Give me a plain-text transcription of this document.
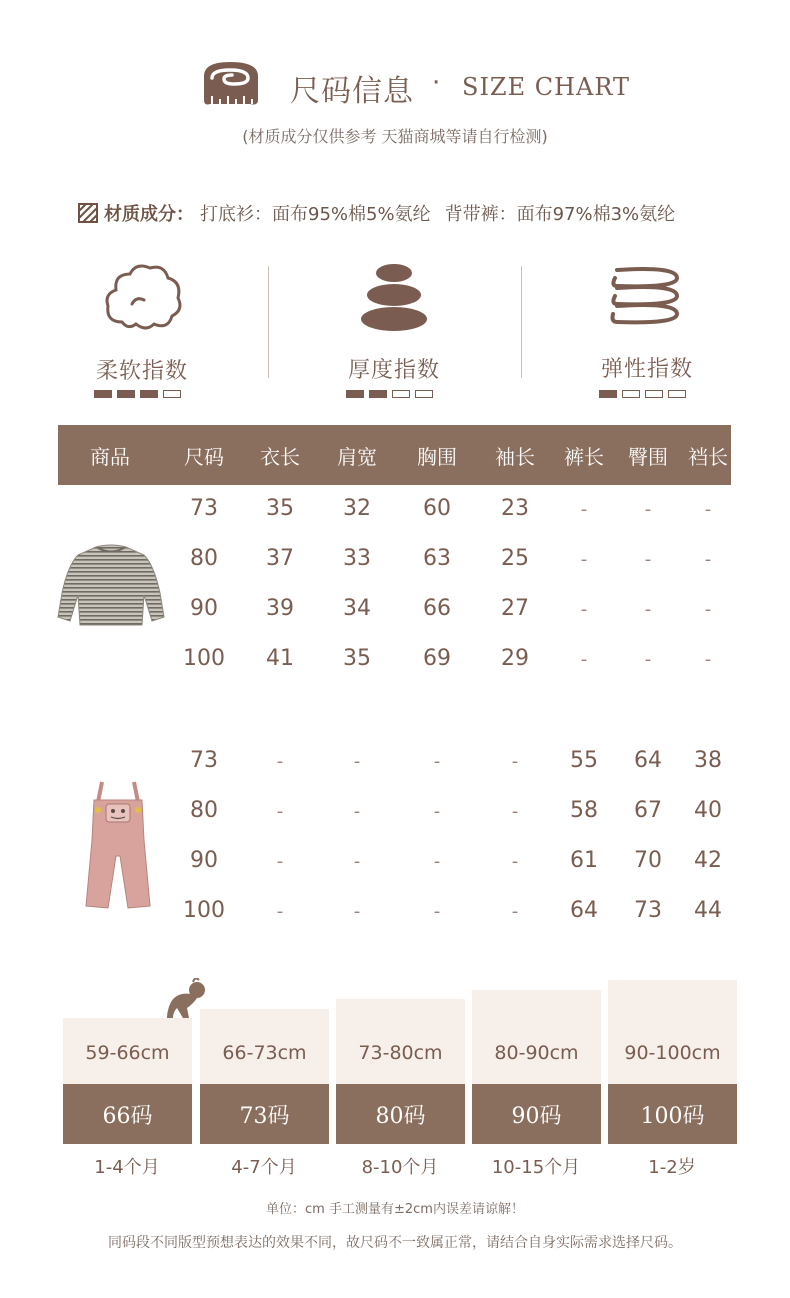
尺码信息 · SIZE CHART
(材质成分仅供参考 天猫商城等请自行检测)
材质成分： 打底衫：面布95%棉5%氨纶 背带裤：面布97%棉3%氨纶
柔软指数	厚度指数	弹性指数
商品	尺码 衣长 肩宽 胸围 袖长 裤长 臀围 裆长
73 35 32 60 23	-	-	-
80 37 33 63 25	-	-	-
90 39 34 66 27	-	-	-
100 41 35 69 29	-	-	-
73	-	-	-	- 55 64 38
80	-	-	-	- 58 67 40
90	-	-	-	- 61 70 42
100	-	-	-	- 64 73 44
59-66cm
66码
1-4个月
66-73cm
73码
4-7个月
73-80cm
80码
8-10个月
80-90cm
90码
10-15个月
90-100cm
100码
1-2岁
单位：cm 手工测量有±2cm内误差请谅解！
同码段不同版型预想表达的效果不同，故尺码不一致属正常，请结合自身实际需求选择尺码。
